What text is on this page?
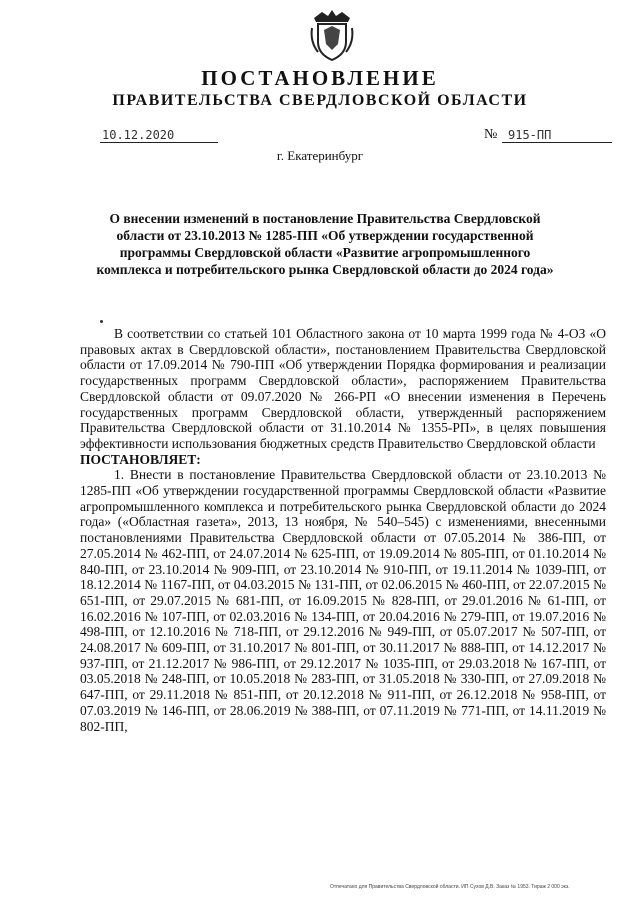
ПОСТАНОВЛЕНИЕ
ПРАВИТЕЛЬСТВА СВЕРДЛОВСКОЙ ОБЛАСТИ
10.12.2020	№ 915-ПП
г. Екатеринбург
О внесении изменений в постановление Правительства Свердловской области от 23.10.2013 № 1285-ПП «Об утверждении государственной программы Свердловской области «Развитие агропромышленного комплекса и потребительского рынка Свердловской области до 2024 года»

В соответствии со статьей 101 Областного закона от 10 марта 1999 года № 4-ОЗ «О правовых актах в Свердловской области», постановлением Правительства Свердловской области от 17.09.2014 № 790-ПП «Об утверждении Порядка формирования и реализации государственных программ Свердловской области», распоряжением Правительства Свердловской области от 09.07.2020 № 266-РП «О внесении изменения в Перечень государственных программ Свердловской области, утвержденный распоряжением Правительства Свердловской области от 31.10.2014 № 1355-РП», в целях повышения эффективности использования бюджетных средств Правительство Свердловской области

ПОСТАНОВЛЯЕТ:

1. Внести в постановление Правительства Свердловской области от 23.10.2013 № 1285-ПП «Об утверждении государственной программы Свердловской области «Развитие агропромышленного комплекса и потребительского рынка Свердловской области до 2024 года» («Областная газета», 2013, 13 ноября, № 540–545) с изменениями, внесенными постановлениями Правительства Свердловской области от 07.05.2014 № 386-ПП, от 27.05.2014 № 462-ПП, от 24.07.2014 № 625-ПП, от 19.09.2014 № 805-ПП, от 01.10.2014 № 840-ПП, от 23.10.2014 № 909-ПП, от 23.10.2014 № 910-ПП, от 19.11.2014 № 1039-ПП, от 18.12.2014 № 1167-ПП, от 04.03.2015 № 131-ПП, от 02.06.2015 № 460-ПП, от 22.07.2015 № 651-ПП, от 29.07.2015 № 681-ПП, от 16.09.2015 № 828-ПП, от 29.01.2016 № 61-ПП, от 16.02.2016 № 107-ПП, от 02.03.2016 № 134-ПП, от 20.04.2016 № 279-ПП, от 19.07.2016 № 498-ПП, от 12.10.2016 № 718-ПП, от 29.12.2016 № 949-ПП, от 05.07.2017 № 507-ПП, от 24.08.2017 № 609-ПП, от 31.10.2017 № 801-ПП, от 30.11.2017 № 888-ПП, от 14.12.2017 № 937-ПП, от 21.12.2017 № 986-ПП, от 29.12.2017 № 1035-ПП, от 29.03.2018 № 167-ПП, от 03.05.2018 № 248-ПП, от 10.05.2018 № 283-ПП, от 31.05.2018 № 330-ПП, от 27.09.2018 № 647-ПП, от 29.11.2018 № 851-ПП, от 20.12.2018 № 911-ПП, от 26.12.2018 № 958-ПП, от 07.03.2019 № 146-ПП, от 28.06.2019 № 388-ПП, от 07.11.2019 № 771-ПП, от 14.11.2019 № 802-ПП,

Отпечатано для Правительства Свердловской области. ИП Сухов Д.В. Заказ № 1953. Тираж 2 000 экз.
